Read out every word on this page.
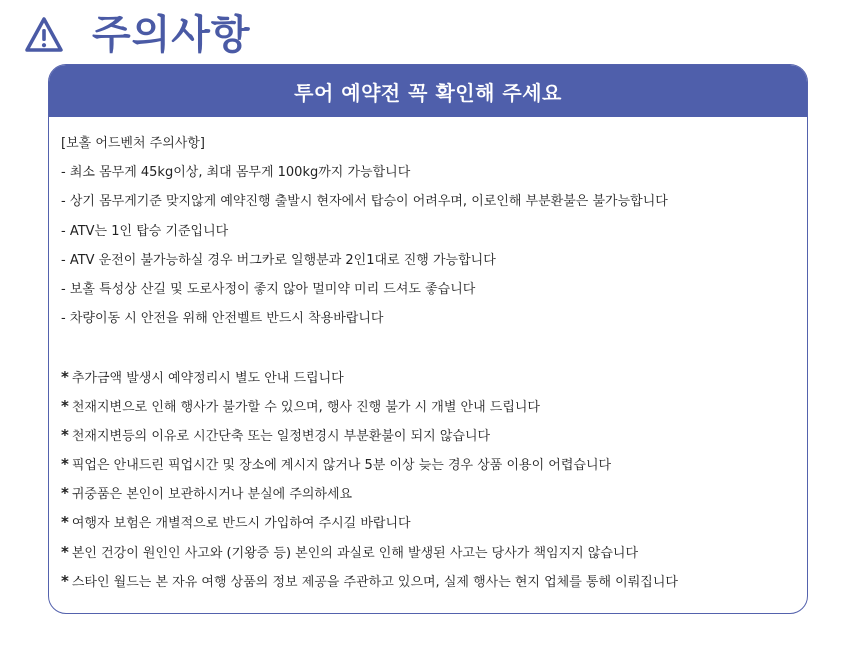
주의사항
투어 예약전 꼭 확인해 주세요
[보홀 어드벤처 주의사항]
- 최소 몸무게 45kg이상, 최대 몸무게 100kg까지 가능합니다
- 상기 몸무게기준 맞지않게 예약진행 출발시 현자에서 탑승이 어려우며, 이로인해 부분환불은 불가능합니다
- ATV는 1인 탑승 기준입니다
- ATV 운전이 불가능하실 경우 버그카로 일행분과 2인1대로 진행 가능합니다
- 보홀 특성상 산길 및 도로사정이 좋지 않아 멀미약 미리 드셔도 좋습니다
- 차량이동 시 안전을 위해 안전벨트 반드시 착용바랍니다
* 추가금액 발생시 예약정리시 별도 안내 드립니다
* 천재지변으로 인해 행사가 불가할 수 있으며, 행사 진행 불가 시 개별 안내 드립니다
* 천재지변등의 이유로 시간단축 또는 일정변경시 부분환불이 되지 않습니다
* 픽업은 안내드린 픽업시간 및 장소에 계시지 않거나 5분 이상 늦는 경우 상품 이용이 어렵습니다
* 귀중품은 본인이 보관하시거나 분실에 주의하세요
* 여행자 보험은 개별적으로 반드시 가입하여 주시길 바랍니다
* 본인 건강이 원인인 사고와 (기왕증 등) 본인의 과실로 인해 발생된 사고는 당사가 책임지지 않습니다
* 스타인 월드는 본 자유 여행 상품의 정보 제공을 주관하고 있으며, 실제 행사는 현지 업체를 통해 이뤄집니다
